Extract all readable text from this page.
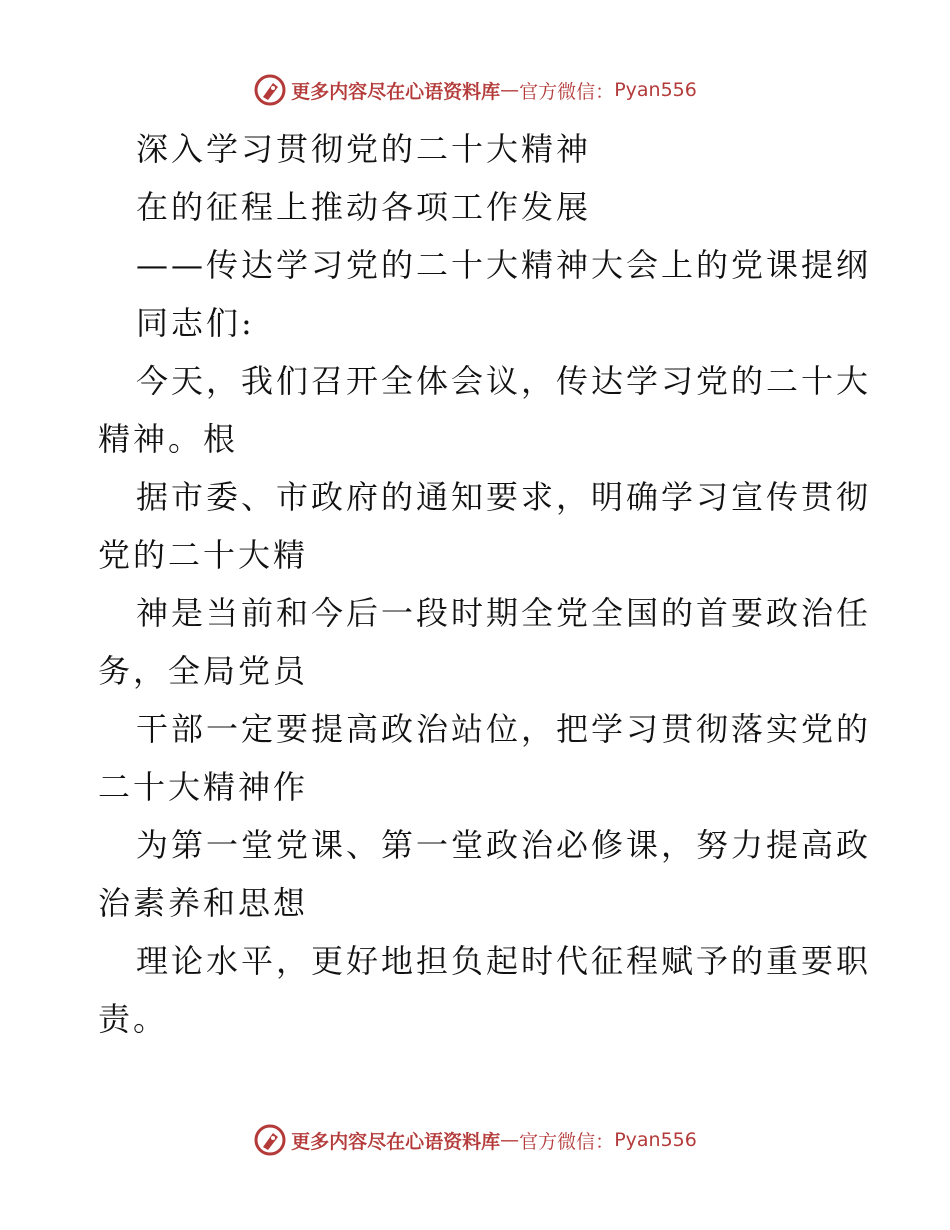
更多内容尽在心语资料库 — 官方微信： Pyan556
深入学习贯彻党的二十大精神
在的征程上推动各项工作发展
——传达学习党的二十大精神大会上的党课提纲
同志们:
今天，我们召开全体会议，传达学习党的二十大
精神。根
据市委、市政府的通知要求，明确学习宣传贯彻
党的二十大精
神是当前和今后一段时期全党全国的首要政治任
务，全局党员
干部一定要提高政治站位，把学习贯彻落实党的
二十大精神作
为第一堂党课、第一堂政治必修课，努力提高政
治素养和思想
理论水平，更好地担负起时代征程赋予的重要职
责。
更多内容尽在心语资料库 — 官方微信： Pyan556
